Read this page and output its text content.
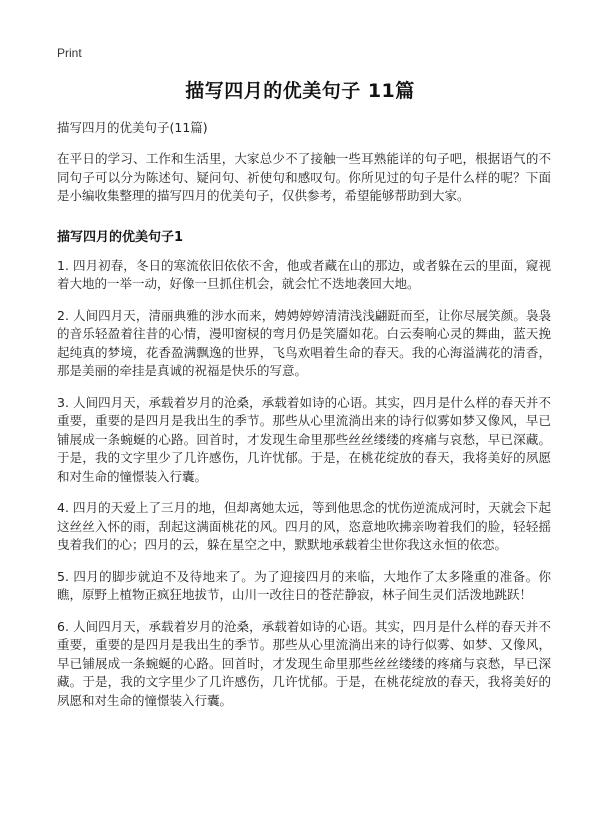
Print
描写四月的优美句子 11篇
描写四月的优美句子(11篇)

在平日的学习、工作和生活里，大家总少不了接触一些耳熟能详的句子吧，根据语气的不同句子可以分为陈述句、疑问句、祈使句和感叹句。你所见过的句子是什么样的呢？下面是小编收集整理的描写四月的优美句子，仅供参考，希望能够帮助到大家。

描写四月的优美句子1

1. 四月初春，冬日的寒流依旧依依不舍，他或者藏在山的那边，或者躲在云的里面，窥视着大地的一举一动，好像一旦抓住机会，就会忙不迭地袭回大地。

2. 人间四月天，清丽典雅的涉水而来，娉娉婷婷清清浅浅翩跹而至，让你尽展笑颜。袅袅的音乐轻盈着往昔的心情，漫叩窗棂的弯月仍是笑靥如花。白云奏响心灵的舞曲，蓝天挽起纯真的梦境，花香盈满飘逸的世界，飞鸟欢唱着生命的春天。我的心海溢满花的清香，那是美丽的牵挂是真诚的祝福是快乐的写意。

3. 人间四月天，承载着岁月的沧桑，承载着如诗的心语。其实，四月是什么样的春天并不重要，重要的是四月是我出生的季节。那些从心里流淌出来的诗行似雾如梦又像风，早已铺展成一条蜿蜒的心路。回首时，才发现生命里那些丝丝缕缕的疼痛与哀愁，早已深藏。于是，我的文字里少了几许感伤，几许忧郁。于是，在桃花绽放的春天，我将美好的夙愿和对生命的憧憬装入行囊。

4. 四月的天爱上了三月的地，但却离她太远，等到他思念的忧伤逆流成河时，天就会下起这丝丝入怀的雨，刮起这满面桃花的风。四月的风，恣意地吹拂亲吻着我们的脸，轻轻摇曳着我们的心；四月的云，躲在星空之中，默默地承载着尘世你我这永恒的依恋。

5. 四月的脚步就迫不及待地来了。为了迎接四月的来临，大地作了太多隆重的准备。你瞧，原野上植物正疯狂地拔节，山川一改往日的苍茫静寂，林子间生灵们活泼地跳跃！

6. 人间四月天，承载着岁月的沧桑，承载着如诗的心语。其实，四月是什么样的春天并不重要，重要的是四月是我出生的季节。那些从心里流淌出来的诗行似雾、如梦、又像风，早已铺展成一条蜿蜒的心路。回首时，才发现生命里那些丝丝缕缕的疼痛与哀愁，早已深藏。于是，我的文字里少了几许感伤，几许忧郁。于是，在桃花绽放的春天，我将美好的夙愿和对生命的憧憬装入行囊。
